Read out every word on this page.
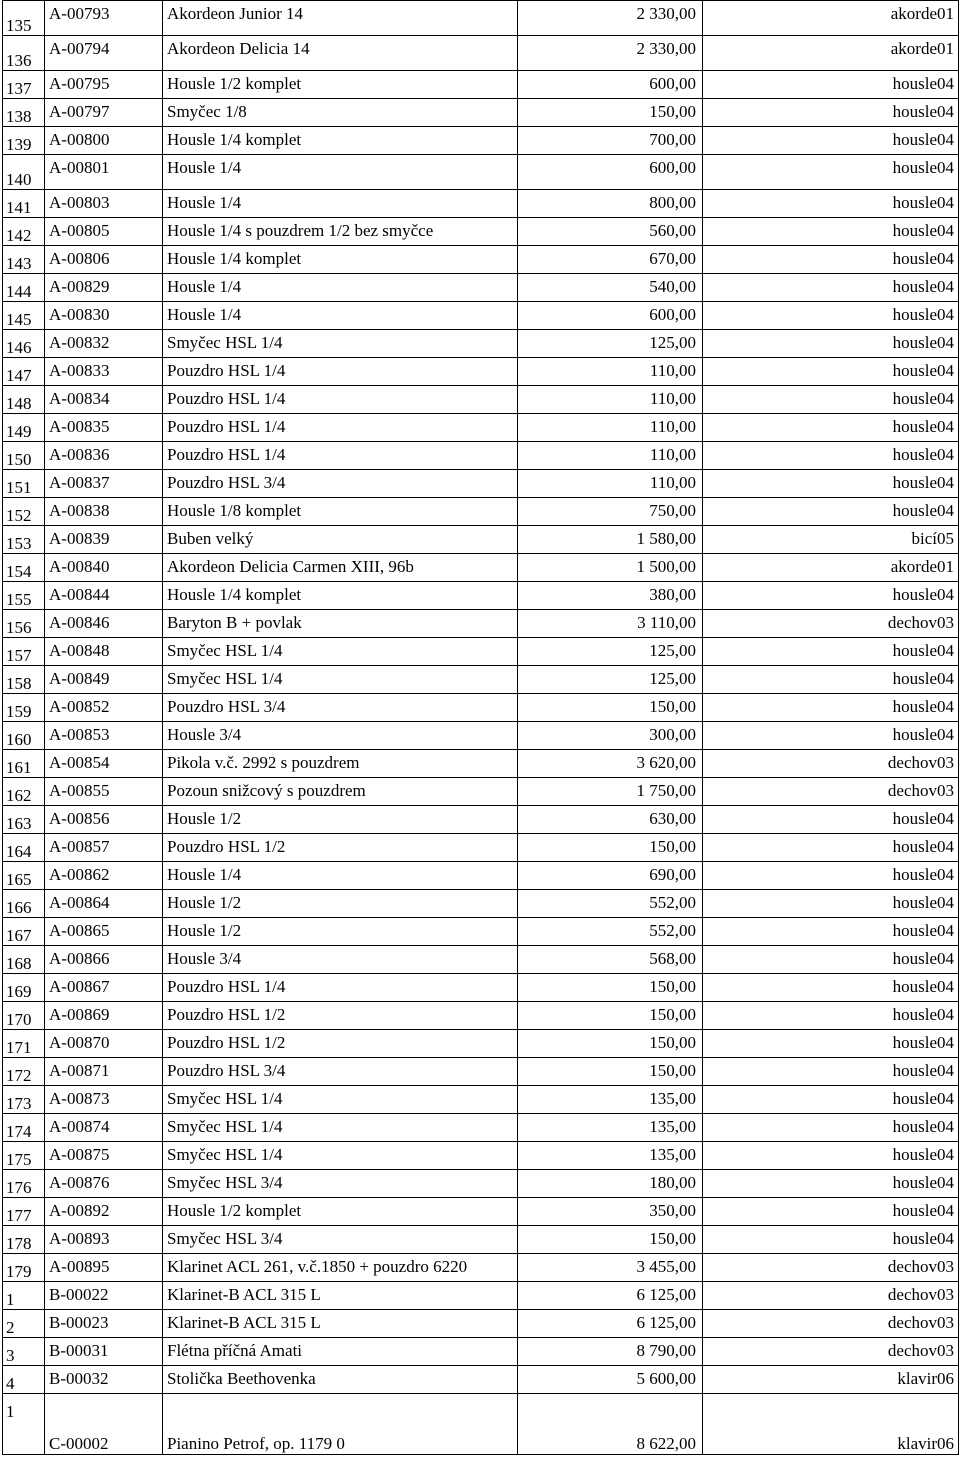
135	A-00793	Akordeon Junior 14	2 330,00	akorde01
136	A-00794	Akordeon Delicia 14	2 330,00	akorde01
137	A-00795	Housle 1/2 komplet	600,00	housle04
138	A-00797	Smyčec 1/8	150,00	housle04
139	A-00800	Housle 1/4 komplet	700,00	housle04
140	A-00801	Housle 1/4	600,00	housle04
141	A-00803	Housle 1/4	800,00	housle04
142	A-00805	Housle 1/4 s pouzdrem 1/2 bez smyčce	560,00	housle04
143	A-00806	Housle 1/4 komplet	670,00	housle04
144	A-00829	Housle 1/4	540,00	housle04
145	A-00830	Housle 1/4	600,00	housle04
146	A-00832	Smyčec HSL 1/4	125,00	housle04
147	A-00833	Pouzdro HSL 1/4	110,00	housle04
148	A-00834	Pouzdro HSL 1/4	110,00	housle04
149	A-00835	Pouzdro HSL 1/4	110,00	housle04
150	A-00836	Pouzdro HSL 1/4	110,00	housle04
151	A-00837	Pouzdro HSL 3/4	110,00	housle04
152	A-00838	Housle 1/8 komplet	750,00	housle04
153	A-00839	Buben velký	1 580,00	bicí05
154	A-00840	Akordeon Delicia Carmen XIII, 96b	1 500,00	akorde01
155	A-00844	Housle 1/4 komplet	380,00	housle04
156	A-00846	Baryton B + povlak	3 110,00	dechov03
157	A-00848	Smyčec HSL 1/4	125,00	housle04
158	A-00849	Smyčec HSL 1/4	125,00	housle04
159	A-00852	Pouzdro HSL 3/4	150,00	housle04
160	A-00853	Housle 3/4	300,00	housle04
161	A-00854	Pikola v.č. 2992 s pouzdrem	3 620,00	dechov03
162	A-00855	Pozoun snižcový s pouzdrem	1 750,00	dechov03
163	A-00856	Housle 1/2	630,00	housle04
164	A-00857	Pouzdro HSL 1/2	150,00	housle04
165	A-00862	Housle 1/4	690,00	housle04
166	A-00864	Housle 1/2	552,00	housle04
167	A-00865	Housle 1/2	552,00	housle04
168	A-00866	Housle 3/4	568,00	housle04
169	A-00867	Pouzdro HSL 1/4	150,00	housle04
170	A-00869	Pouzdro HSL 1/2	150,00	housle04
171	A-00870	Pouzdro HSL 1/2	150,00	housle04
172	A-00871	Pouzdro HSL 3/4	150,00	housle04
173	A-00873	Smyčec HSL 1/4	135,00	housle04
174	A-00874	Smyčec HSL 1/4	135,00	housle04
175	A-00875	Smyčec HSL 1/4	135,00	housle04
176	A-00876	Smyčec HSL 3/4	180,00	housle04
177	A-00892	Housle 1/2 komplet	350,00	housle04
178	A-00893	Smyčec HSL 3/4	150,00	housle04
179	A-00895	Klarinet ACL 261, v.č.1850 + pouzdro 6220	3 455,00	dechov03
1	B-00022	Klarinet-B ACL 315 L	6 125,00	dechov03
2	B-00023	Klarinet-B ACL 315 L	6 125,00	dechov03
3	B-00031	Flétna příčná Amati	8 790,00	dechov03
4	B-00032	Stolička Beethovenka	5 600,00	klavir06
1	C-00002	Pianino Petrof, op. 1179 0	8 622,00	klavir06
